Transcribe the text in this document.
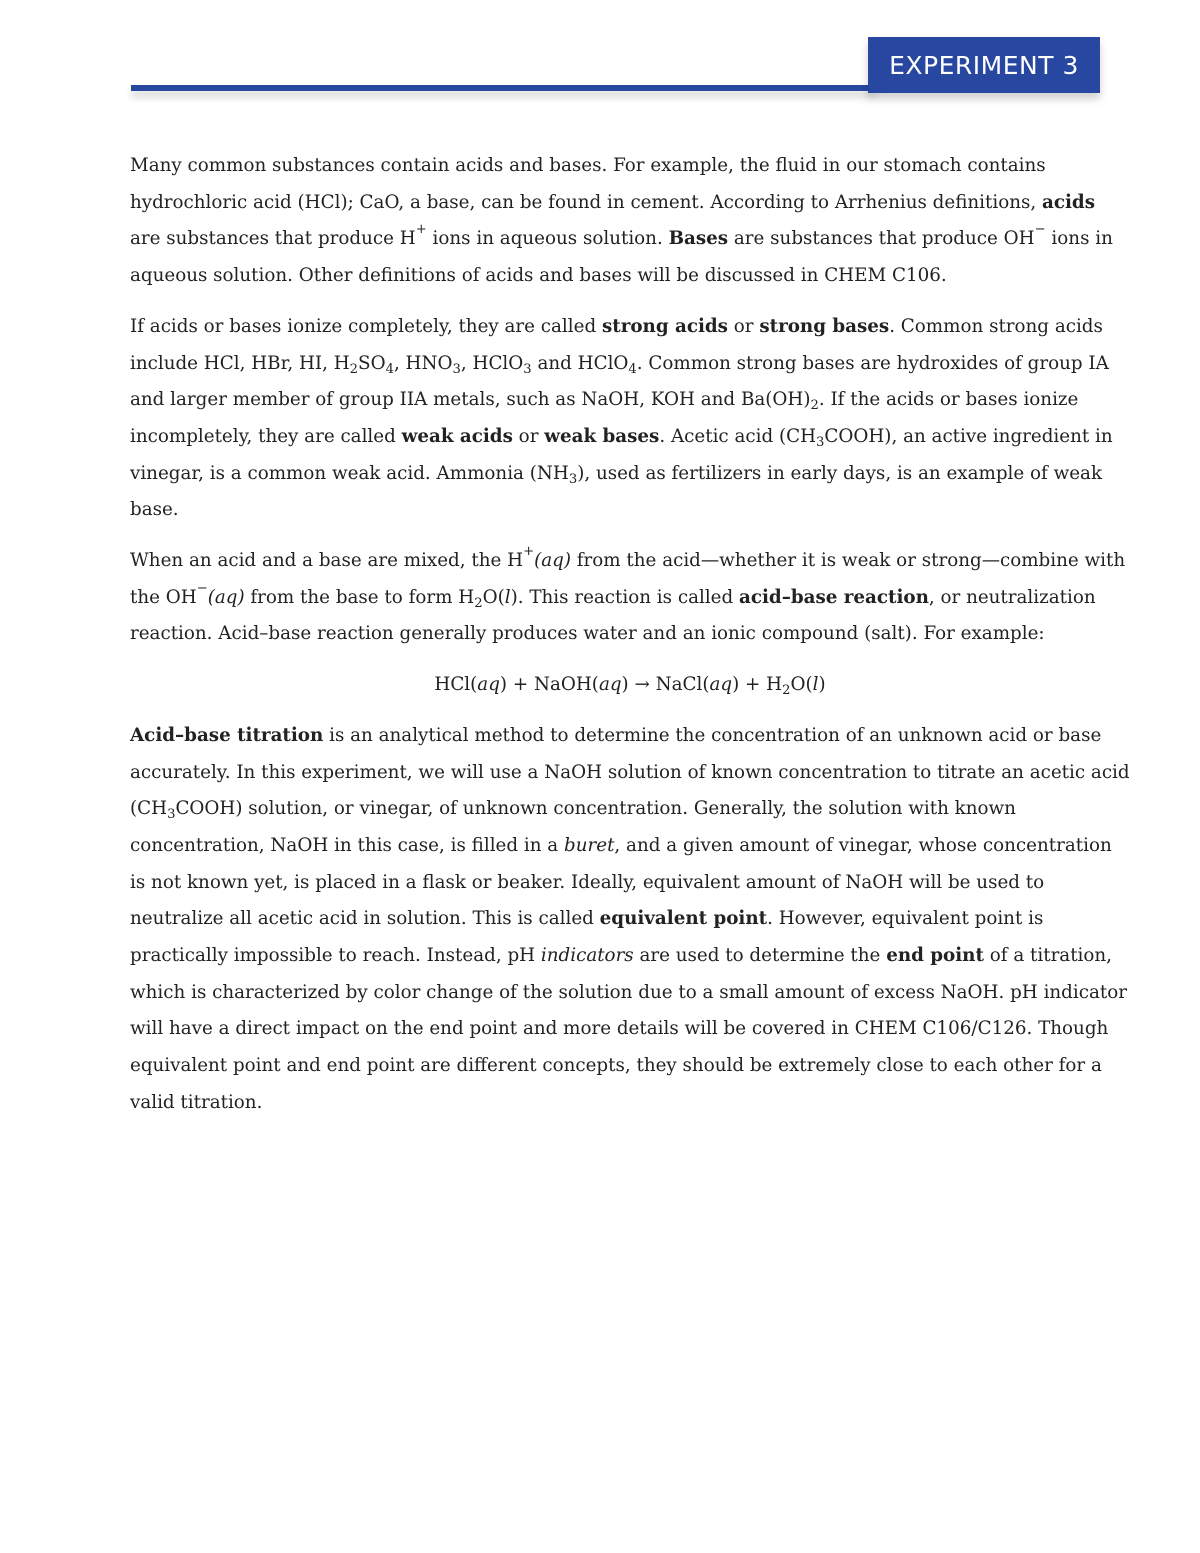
EXPERIMENT 3

Many common substances contain acids and bases. For example, the fluid in our stomach contains hydrochloric acid (HCl); CaO, a base, can be found in cement. According to Arrhenius definitions, acids are substances that produce H+ ions in aqueous solution. Bases are substances that produce OH− ions in aqueous solution. Other definitions of acids and bases will be discussed in CHEM C106.

If acids or bases ionize completely, they are called strong acids or strong bases. Common strong acids include HCl, HBr, HI, $H_2SO_4$, $HNO_3$, HClO$_3$ and HClO$_4$. Common strong bases are hydroxides of group IA and larger member of group IIA metals, such as NaOH, KOH and $Ba(OH)_2$. If the acids or bases ionize incompletely, they are called weak acids or weak bases. Acetic acid $(CH_3COOH)$, an active ingredient in vinegar, is a common weak acid. Ammonia $(NH_3)$, used as fertilizers in early days, is an example of weak base.

When an acid and a base are mixed, the H+(aq) from the acid—whether it is weak or strong—combine with the OH−(aq) from the base to form $H_2O(l)$. This reaction is called acid–base reaction, or neutralization reaction. Acid–base reaction generally produces water and an ionic compound (salt). For example:

HCl(aq) + NaOH(aq) → NaCl(aq) + $H_2O(l)$

Acid–base titration is an analytical method to determine the concentration of an unknown acid or base accurately. In this experiment, we will use a NaOH solution of known concentration to titrate an acetic acid $(CH_3COOH)$ solution, or vinegar, of unknown concentration. Generally, the solution with known concentration, NaOH in this case, is filled in a buret, and a given amount of vinegar, whose concentration is not known yet, is placed in a flask or beaker. Ideally, equivalent amount of NaOH will be used to neutralize all acetic acid in solution. This is called equivalent point. However, equivalent point is practically impossible to reach. Instead, pH indicators are used to determine the end point of a titration, which is characterized by color change of the solution due to a small amount of excess NaOH. pH indicator will have a direct impact on the end point and more details will be covered in CHEM C106/C126. Though equivalent point and end point are different concepts, they should be extremely close to each other for a valid titration.
